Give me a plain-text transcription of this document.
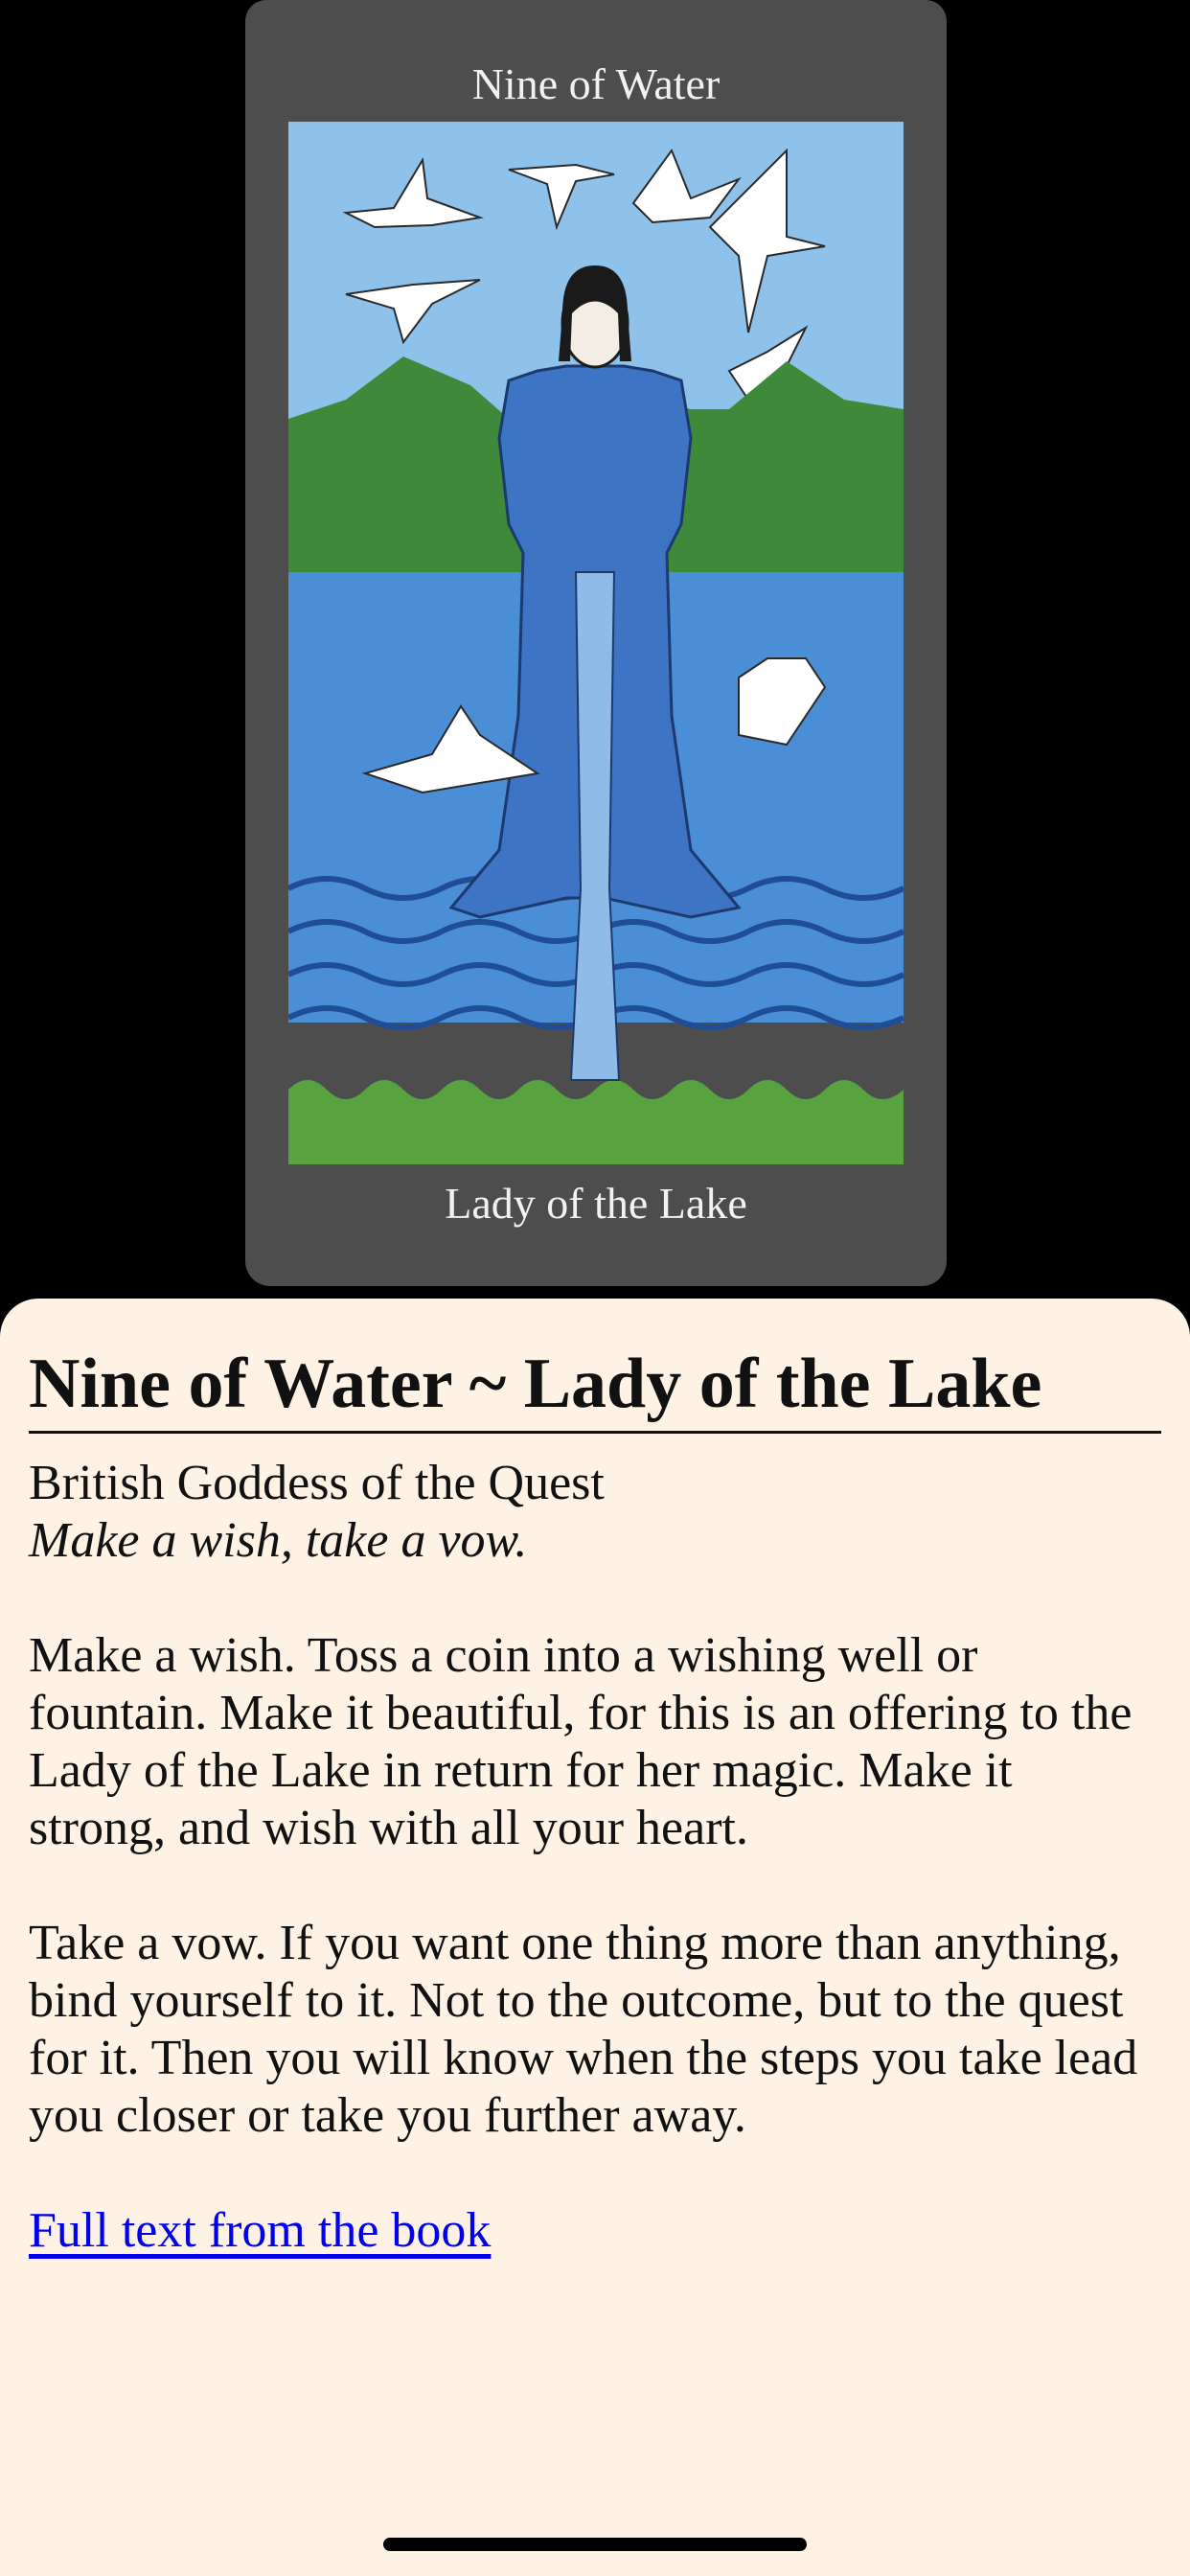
Nine of Water
Lady of the Lake
Nine of Water ~ Lady of the Lake
British Goddess of the Quest
Make a wish, take a vow.
Make a wish. Toss a coin into a wishing well or fountain. Make it beautiful, for this is an offering to the Lady of the Lake in return for her magic. Make it strong, and wish with all your heart.
Take a vow. If you want one thing more than anything, bind yourself to it. Not to the outcome, but to the quest for it. Then you will know when the steps you take lead you closer or take you further away.
Full text from the book
